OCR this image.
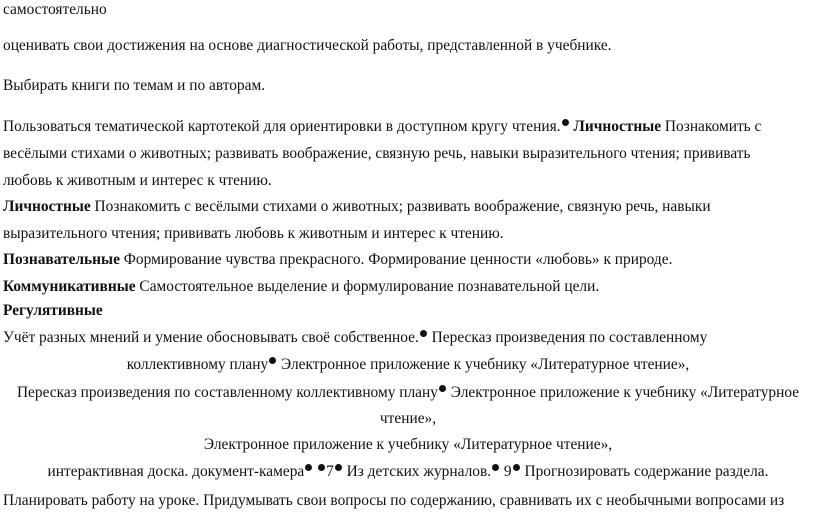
самостоятельно
оценивать свои достижения на основе диагностической работы, представленной в учебнике.
Выбирать книги по темам и по авторам.
Пользоваться тематической картотекой для ориентировки в доступном кругу чтения. Личностные Познакомить с
весёлыми стихами о животных; развивать воображение, связную речь, навыки выразительного чтения; прививать
любовь к животным и интерес к чтению.
Личностные Познакомить с весёлыми стихами о животных; развивать воображение, связную речь, навыки
выразительного чтения; прививать любовь к животным и интерес к чтению.
Познавательные Формирование чувства прекрасного. Формирование ценности «любовь» к природе.
Коммуникативные Самостоятельное выделение и формулирование познавательной цели.
Регулятивные
Учёт разных мнений и умение обосновывать своё собственное. Пересказ произведения по составленному
коллективному плану Электронное приложение к учебнику «Литературное чтение»,
Пересказ произведения по составленному коллективному плану Электронное приложение к учебнику «Литературное
чтение»,
Электронное приложение к учебнику «Литературное чтение»,
интерактивная доска. документ-камера 7 Из детских журналов. 9 Прогнозировать содержание раздела.
Планировать работу на уроке. Придумывать свои вопросы по содержанию, сравнивать их с необычными вопросами из
